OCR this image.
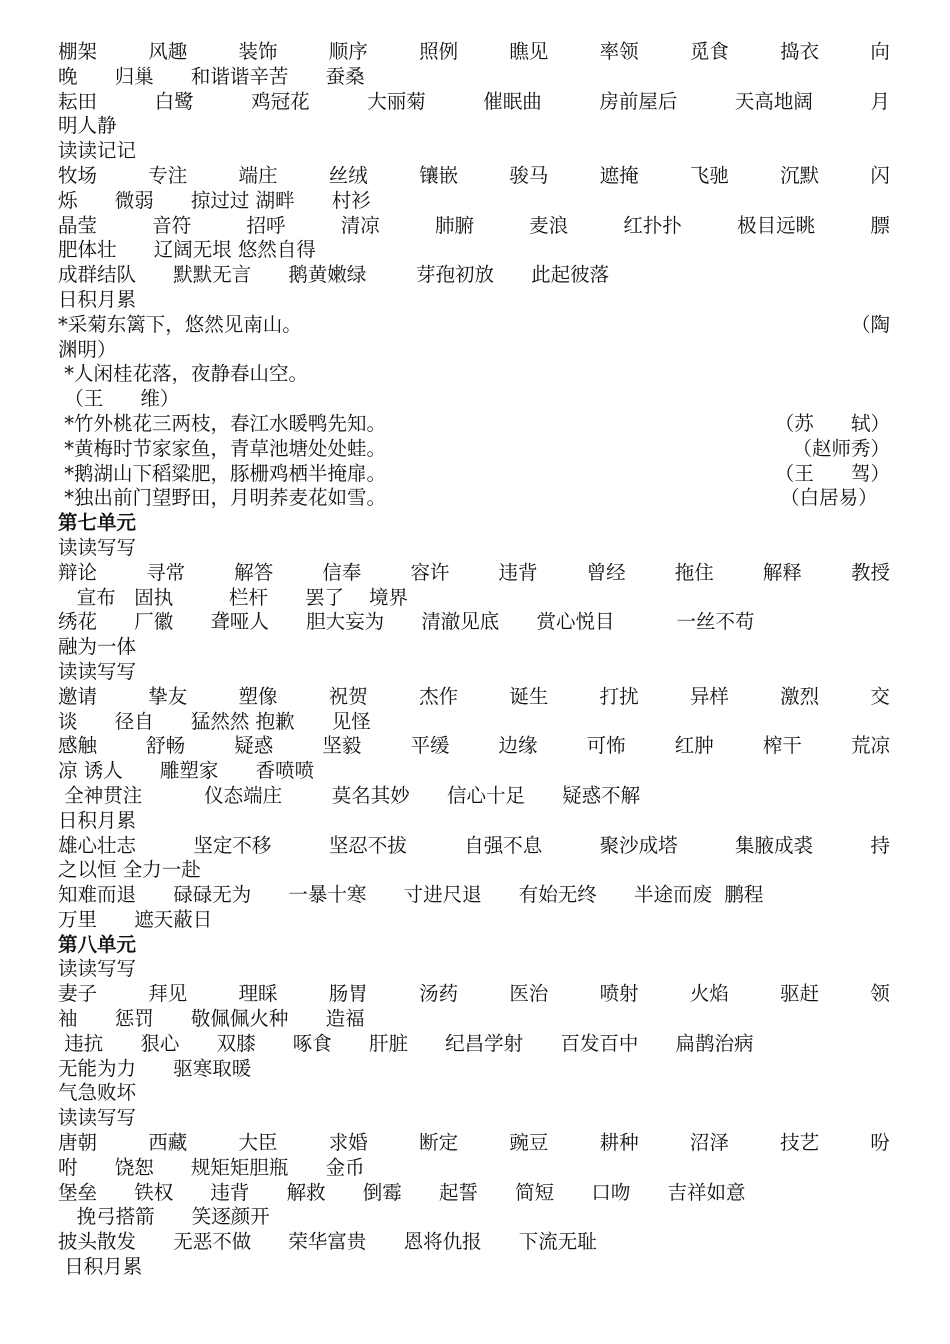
棚架	风趣	装饰	顺序	照例	瞧见	率领	觅食	捣衣	向
晚      归巢      和谐谐辛苦      蚕桑
耘田	白鹭	鸡冠花	大丽菊	催眠曲	房前屋后	天高地阔	月
明人静
读读记记
牧场	专注	端庄	丝绒	镶嵌	骏马	遮掩	飞驰	沉默	闪
烁      微弱      掠过过 湖畔      村衫
晶莹	音符	招呼	清凉	肺腑	麦浪	红扑扑	极目远眺	膘
肥体壮      辽阔无垠 悠然自得
成群结队      默默无言      鹅黄嫩绿        芽孢初放      此起彼落
日积月累
*采菊东篱下，悠然见南山。	（陶
渊明）
*人闲桂花落，夜静春山空。
（王      维）
*竹外桃花三两枝，春江水暖鸭先知。	（苏      轼）
*黄梅时节家家鱼，青草池塘处处蛙。	（赵师秀）
*鹅湖山下稻粱肥，豚栅鸡栖半掩扉。	（王      驾）
*独出前门望野田，月明荞麦花如雪。	（白居易）
第七单元
读读写写
辩论	寻常	解答	信奉	容许	违背	曾经	拖住	解释	教授
宣布   固执         栏杆      罢了    境界
绣花      厂徽      聋哑人      胆大妄为      清澈见底      赏心悦目          一丝不苟
融为一体
读读写写
邀请	挚友	塑像	祝贺	杰作	诞生	打扰	异样	激烈	交
谈      径自      猛然然 抱歉      见怪
感触	舒畅	疑惑	坚毅	平缓	边缘	可怖	红肿	榨干	荒凉
凉 诱人      雕塑家      香喷喷
全神贯注          仪态端庄        莫名其妙      信心十足      疑惑不解
日积月累
雄心壮志	坚定不移	坚忍不拔	自强不息	聚沙成塔	集腋成裘	持
之以恒 全力一赴
知难而退      碌碌无为      一暴十寒      寸进尺退      有始无终      半途而废  鹏程
万里      遮天蔽日
第八单元
读读写写
妻子	拜见	理睬	肠胃	汤药	医治	喷射	火焰	驱赶	领
袖      惩罚      敬佩佩火种      造福
违抗      狠心      双膝      啄食      肝脏      纪昌学射      百发百中      扁鹊治病
无能为力      驱寒取暖
气急败坏
读读写写
唐朝	西藏	大臣	求婚	断定	豌豆	耕种	沼泽	技艺	吩
咐      饶恕      规矩矩胆瓶      金币
堡垒      铁权      违背      解救      倒霉      起誓      简短      口吻      吉祥如意
挽弓搭箭      笑逐颜开
披头散发      无恶不做      荣华富贵      恩将仇报      下流无耻
日积月累
